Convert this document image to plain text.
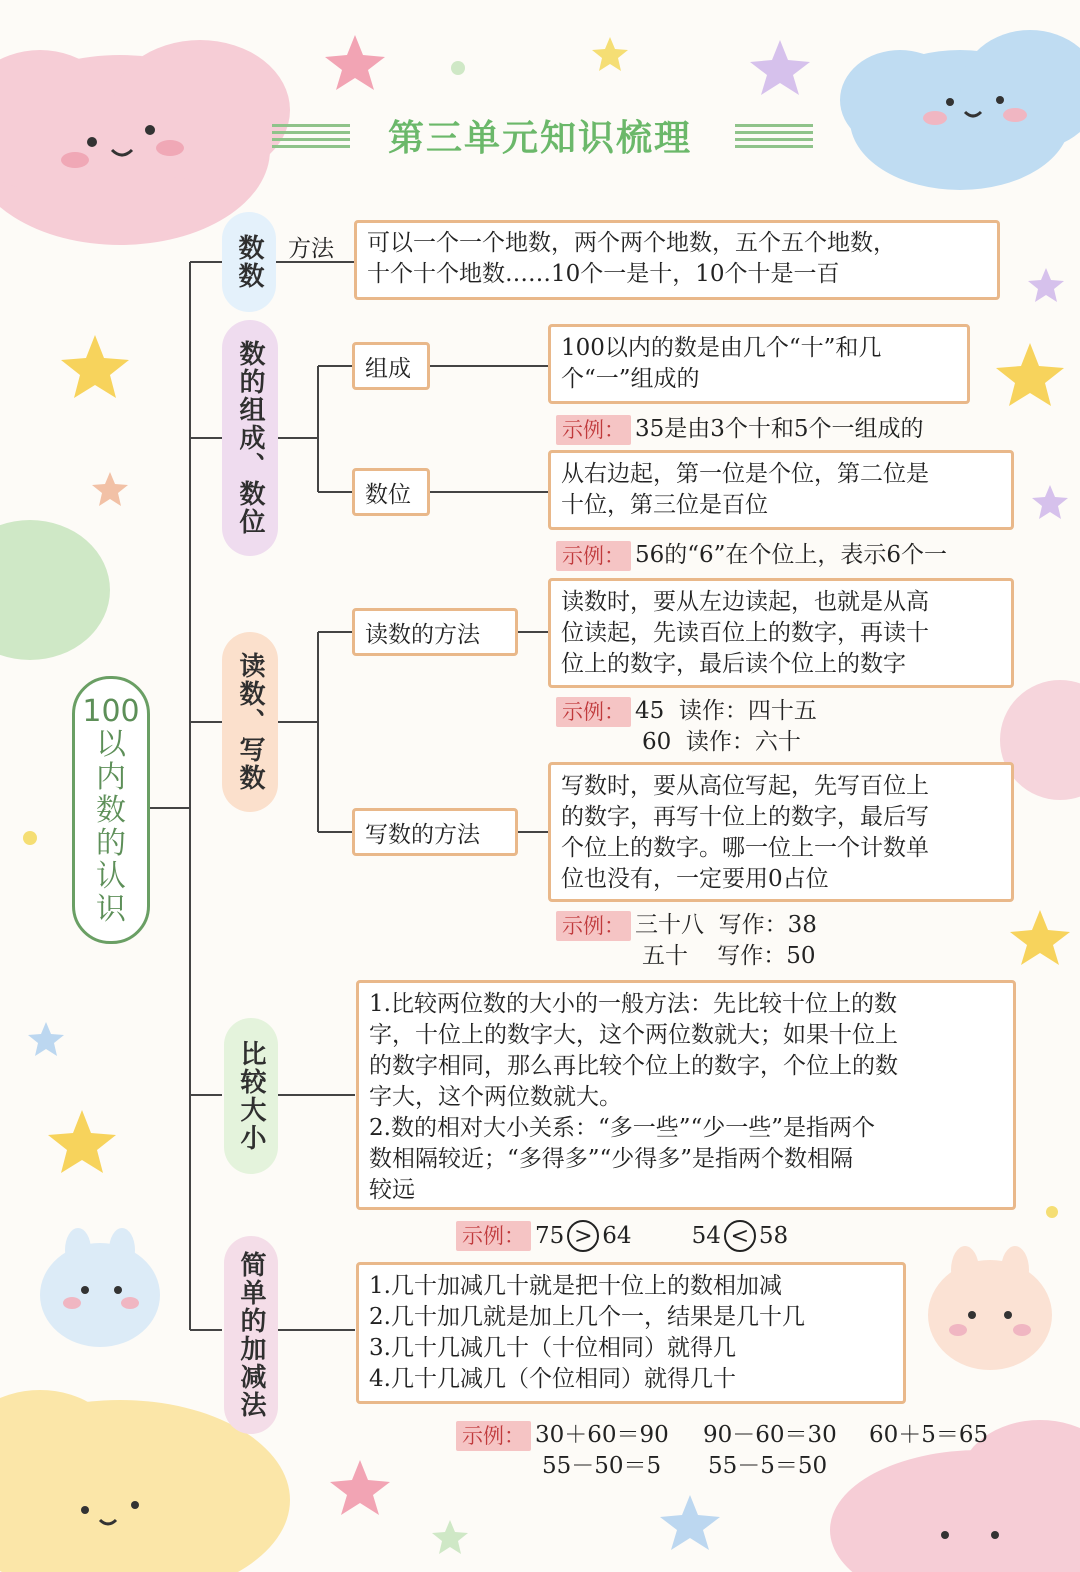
第三单元知识梳理
100以内数的认识
数数
数的组成、数位
读数、写数
比较大小
简单的加减法
方法 可以一个一个地数，两个两个地数，五个五个地数，

十个十个地数……10个一是十，10个十是一百

组成

100以内的数是由几个“十”和几

个“一”组成的

示例： 35是由3个十和5个一组成的
数位

从右边起，第一位是个位，第二位是

十位，第三位是百位

示例： 56的“6”在个位上，表示6个一
读数的方法

读数时，要从左边读起，也就是从高

位读起，先读百位上的数字，再读十

位上的数字，最后读个位上的数字

示例： 45  读作：四十五
60  读作：六十
写数的方法

写数时，要从高位写起，先写百位上

的数字，再写十位上的数字，最后写

个位上的数字。哪一位上一个计数单

位也没有，一定要用0占位

示例： 三十八  写作：38
五十    写作：50

1.比较两位数的大小的一般方法：先比较十位上的数

字，十位上的数字大，这个两位数就大；如果十位上

的数字相同，那么再比较个位上的数字，个位上的数

字大，这个两位数就大。

2.数的相对大小关系：“多一些”“少一些”是指两个

数相隔较近；“多得多”“少得多”是指两个数相隔

较远

示例： 75 > 64	54 < 58

1.几十加减几十就是把十位上的数相加减

2.几十加几就是加上几个一，结果是几十几

3.几十几减几十（十位相同）就得几

4.几十几减几（个位相同）就得几十

示例： 30＋60＝90	90－60＝30	60＋5＝65
55－50＝5	55－5＝50
